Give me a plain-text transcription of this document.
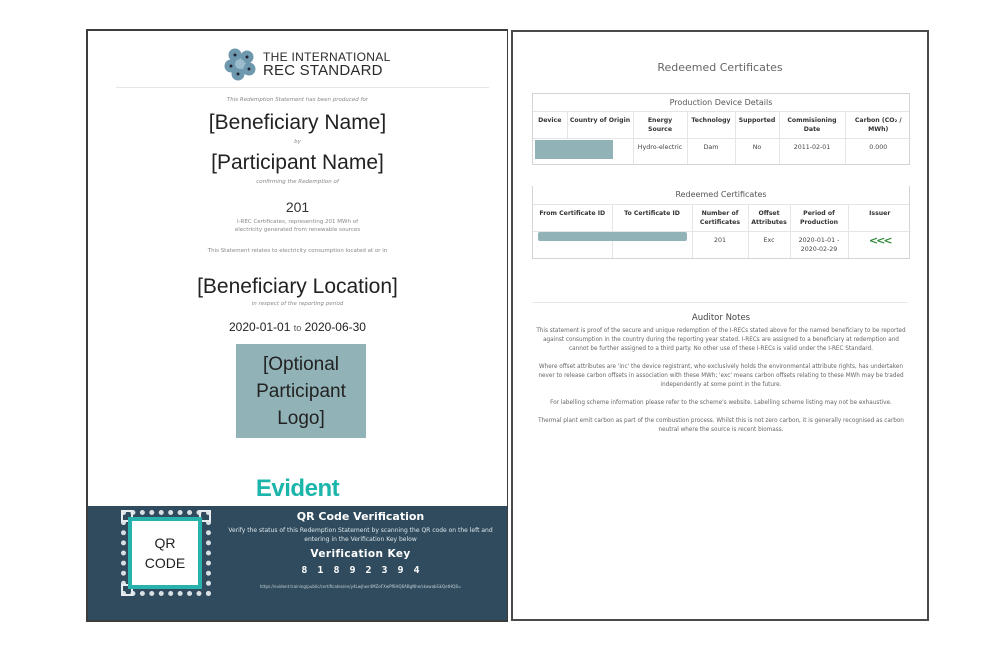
THE INTERNATIONAL
REC STANDARD
This Redemption Statement has been produced for
[Beneficiary Name]
by
[Participant Name]
confirming the Redemption of
201
I-REC Certificates, representing 201 MWh of
electricity generated from renewable sources
This Statement relates to electricity consumption located at or in
[Beneficiary Location]
in respect of the reporting period
2020-01-01 to 2020-06-30
[Optional Participant Logo]
Evident
QR
CODE
QR Code Verification
Verify the status of this Redemption Statement by scanning the QR code on the left and entering in the Verification Key below
Verification Key
81892394
https://evident.training/public/certificates/en/y4Lwjhwr4MZeFXwPf6HQ6ABgNhe/skawabGkQetHQ8=
Redeemed Certificates
Production Device Details
Device	Country of Origin	Energy Source	Technology	Supported	Commisioning Date	Carbon (CO₂ / MWh)

		Hydro-electric	Dam	No	2011-02-01	0.000
Redeemed Certificates
From Certificate ID	To Certificate ID	Number of Certificates	Offset Attributes	Period of Production	Issuer

		201	Exc	2020-01-01 - 2020-02-29	<<<
Auditor Notes

This statement is proof of the secure and unique redemption of the I-RECs stated above for the named beneficiary to be reported against consumption in the country during the reporting year stated. I-RECs are assigned to a beneficiary at redemption and cannot be further assigned to a third party. No other use of these I-RECs is valid under the I-REC Standard.

Where offset attributes are 'inc' the device registrant, who exclusively holds the environmental attribute rights, has undertaken never to release carbon offsets in association with these MWh; 'exc' means carbon offsets relating to these MWh may be traded independently at some point in the future.

For labelling scheme information please refer to the scheme's website. Labelling scheme listing may not be exhaustive.

Thermal plant emit carbon as part of the combustion process. Whilst this is not zero carbon, it is generally recognised as carbon neutral where the source is recent biomass.
